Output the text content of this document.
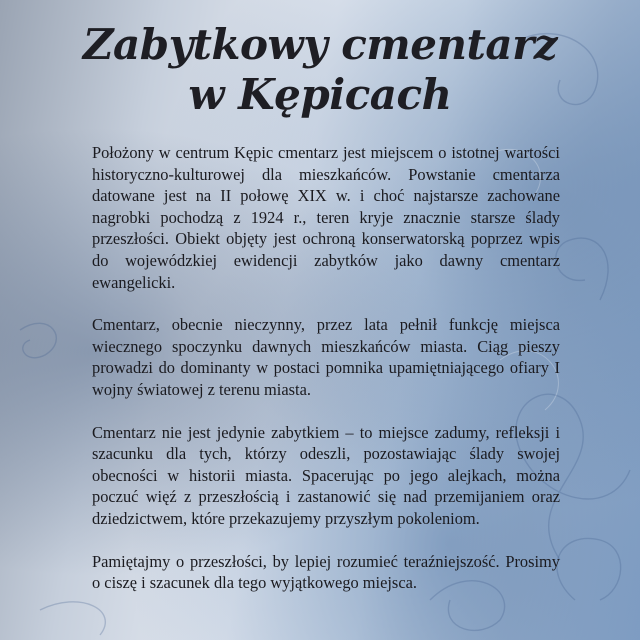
Zabytkowy cmentarz
w Kępicach

Położony w centrum Kępic cmentarz jest miejscem o istotnej wartości historyczno-kulturowej dla mieszkańców. Powstanie cmentarza datowane jest na II połowę XIX w. i choć najstarsze zachowane nagrobki pochodzą z 1924 r., teren kryje znacznie starsze ślady przeszłości. Obiekt objęty jest ochroną konserwatorską poprzez wpis do wojewódzkiej ewidencji zabytków jako dawny cmentarz ewangelicki.

Cmentarz, obecnie nieczynny, przez lata pełnił funkcję miejsca wiecznego spoczynku dawnych mieszkańców miasta. Ciąg pieszy prowadzi do dominanty w postaci pomnika upamiętniającego ofiary I wojny światowej z terenu miasta.

Cmentarz nie jest jedynie zabytkiem – to miejsce zadumy, refleksji i szacunku dla tych, którzy odeszli, pozostawiając ślady swojej obecności w historii miasta. Spacerując po jego alejkach, można poczuć więź z przeszłością i zastanowić się nad przemijaniem oraz dziedzictwem, które przekazujemy przyszłym pokoleniom.

Pamiętajmy o przeszłości, by lepiej rozumieć teraźniejszość. Prosimy o ciszę i szacunek dla tego wyjątkowego miejsca.
